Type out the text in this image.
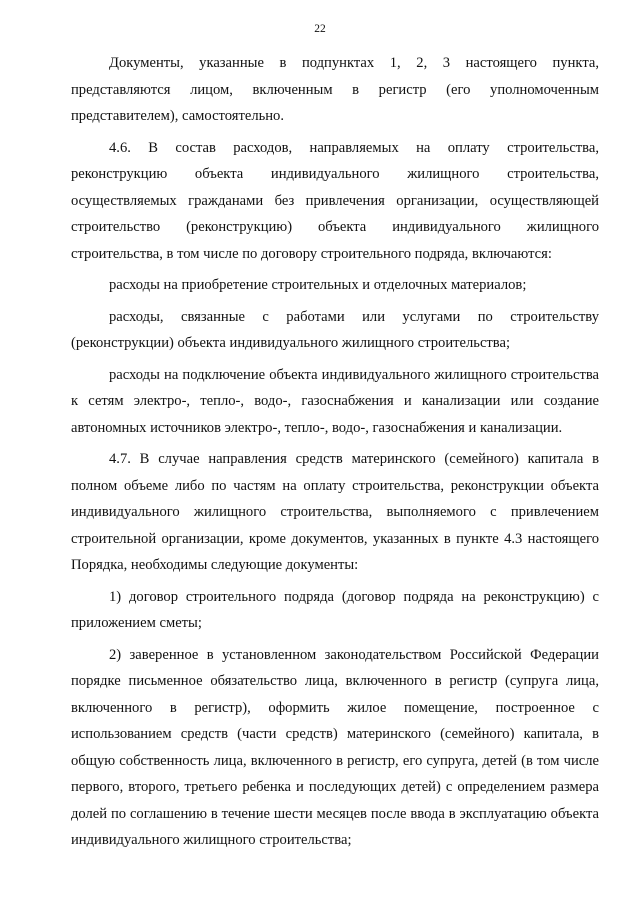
22

Документы, указанные в подпунктах 1, 2, 3 настоящего пункта, представляются лицом, включенным в регистр (его уполномоченным представителем), самостоятельно.

4.6. В состав расходов, направляемых на оплату строительства, реконструкцию объекта индивидуального жилищного строительства, осуществляемых гражданами без привлечения организации, осуществляющей строительство (реконструкцию) объекта индивидуального жилищного строительства, в том числе по договору строительного подряда, включаются:

расходы на приобретение строительных и отделочных материалов;

расходы, связанные с работами или услугами по строительству (реконструкции) объекта индивидуального жилищного строительства;

расходы на подключение объекта индивидуального жилищного строительства к сетям электро-, тепло-, водо-, газоснабжения и канализации или создание автономных источников электро-, тепло-, водо-, газоснабжения и канализации.

4.7. В случае направления средств материнского (семейного) капитала в полном объеме либо по частям на оплату строительства, реконструкции объекта индивидуального жилищного строительства, выполняемого с привлечением строительной организации, кроме документов, указанных в пункте 4.3 настоящего Порядка, необходимы следующие документы:

1) договор строительного подряда (договор подряда на реконструкцию) с приложением сметы;

2) заверенное в установленном законодательством Российской Федерации порядке письменное обязательство лица, включенного в регистр (супруга лица, включенного в регистр), оформить жилое помещение, построенное с использованием средств (части средств) материнского (семейного) капитала, в общую собственность лица, включенного в регистр, его супруга, детей (в том числе первого, второго, третьего ребенка и последующих детей) с определением размера долей по соглашению в течение шести месяцев после ввода в эксплуатацию объекта индивидуального жилищного строительства;
